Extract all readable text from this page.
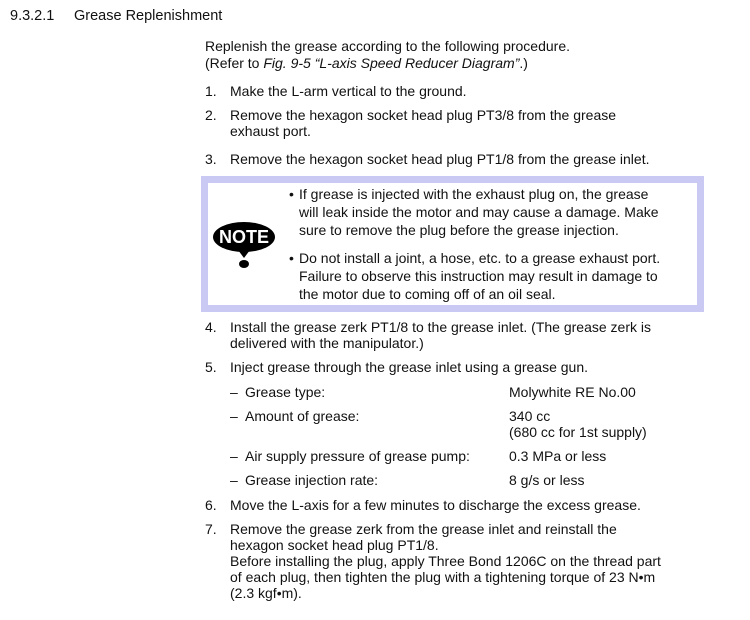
9.3.2.1 Grease Replenishment
Replenish the grease according to the following procedure.
(Refer to Fig. 9-5 “L-axis Speed Reducer Diagram”.)
1. Make the L-arm vertical to the ground.
2. Remove the hexagon socket head plug PT3/8 from the grease
exhaust port.
3. Remove the hexagon socket head plug PT1/8 from the grease inlet.
NOTE
• If grease is injected with the exhaust plug on, the grease
will leak inside the motor and may cause a damage. Make
sure to remove the plug before the grease injection.
• Do not install a joint, a hose, etc. to a grease exhaust port.
Failure to observe this instruction may result in damage to
the motor due to coming off of an oil seal.
4. Install the grease zerk PT1/8 to the grease inlet. (The grease zerk is
delivered with the manipulator.)
5. Inject grease through the grease inlet using a grease gun.
– Grease type:	Molywhite RE No.00
– Amount of grease:	340 cc
(680 cc for 1st supply)
– Air supply pressure of grease pump:	0.3 MPa or less
– Grease injection rate:	8 g/s or less
6. Move the L-axis for a few minutes to discharge the excess grease.
7. Remove the grease zerk from the grease inlet and reinstall the
hexagon socket head plug PT1/8.
Before installing the plug, apply Three Bond 1206C on the thread part
of each plug, then tighten the plug with a tightening torque of 23 N•m
(2.3 kgf•m).
